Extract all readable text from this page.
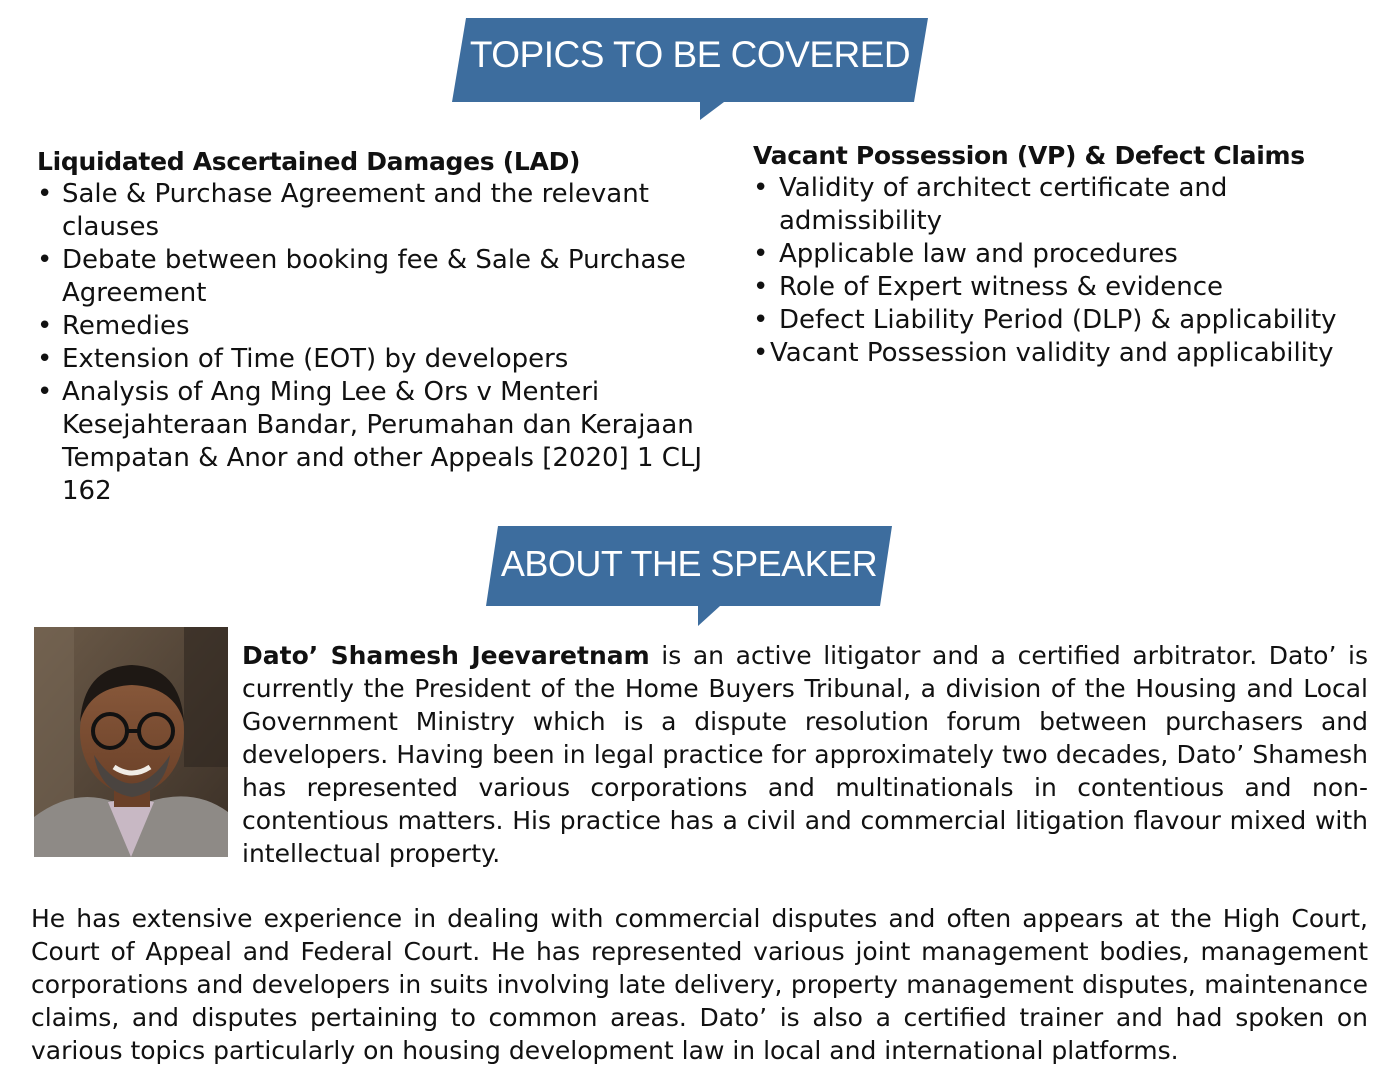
TOPICS TO BE COVERED
Liquidated Ascertained Damages (LAD)
• Sale & Purchase Agreement and the relevant clauses
• Debate between booking fee & Sale & Purchase Agreement
• Remedies
• Extension of Time (EOT) by developers
• Analysis of Ang Ming Lee & Ors v Menteri Kesejahteraan Bandar, Perumahan dan Kerajaan Tempatan & Anor and other Appeals [2020] 1 CLJ 162
Vacant Possession (VP) & Defect Claims
• Validity of architect certificate and admissibility
• Applicable law and procedures
• Role of Expert witness & evidence
• Defect Liability Period (DLP) & applicability
• Vacant Possession validity and applicability
ABOUT THE SPEAKER

Dato’ Shamesh Jeevaretnam is an active litigator and a certified arbitrator. Dato’ is currently the President of the Home Buyers Tribunal, a division of the Housing and Local Government Ministry which is a dispute resolution forum between purchasers and developers. Having been in legal practice for approximately two decades, Dato’ Shamesh has represented various corporations and multinationals in contentious and non-contentious matters. His practice has a civil and commercial litigation flavour mixed with intellectual property.

He has extensive experience in dealing with commercial disputes and often appears at the High Court, Court of Appeal and Federal Court. He has represented various joint management bodies, management corporations and developers in suits involving late delivery, property management disputes, maintenance claims, and disputes pertaining to common areas. Dato’ is also a certified trainer and had spoken on various topics particularly on housing development law in local and international platforms.
